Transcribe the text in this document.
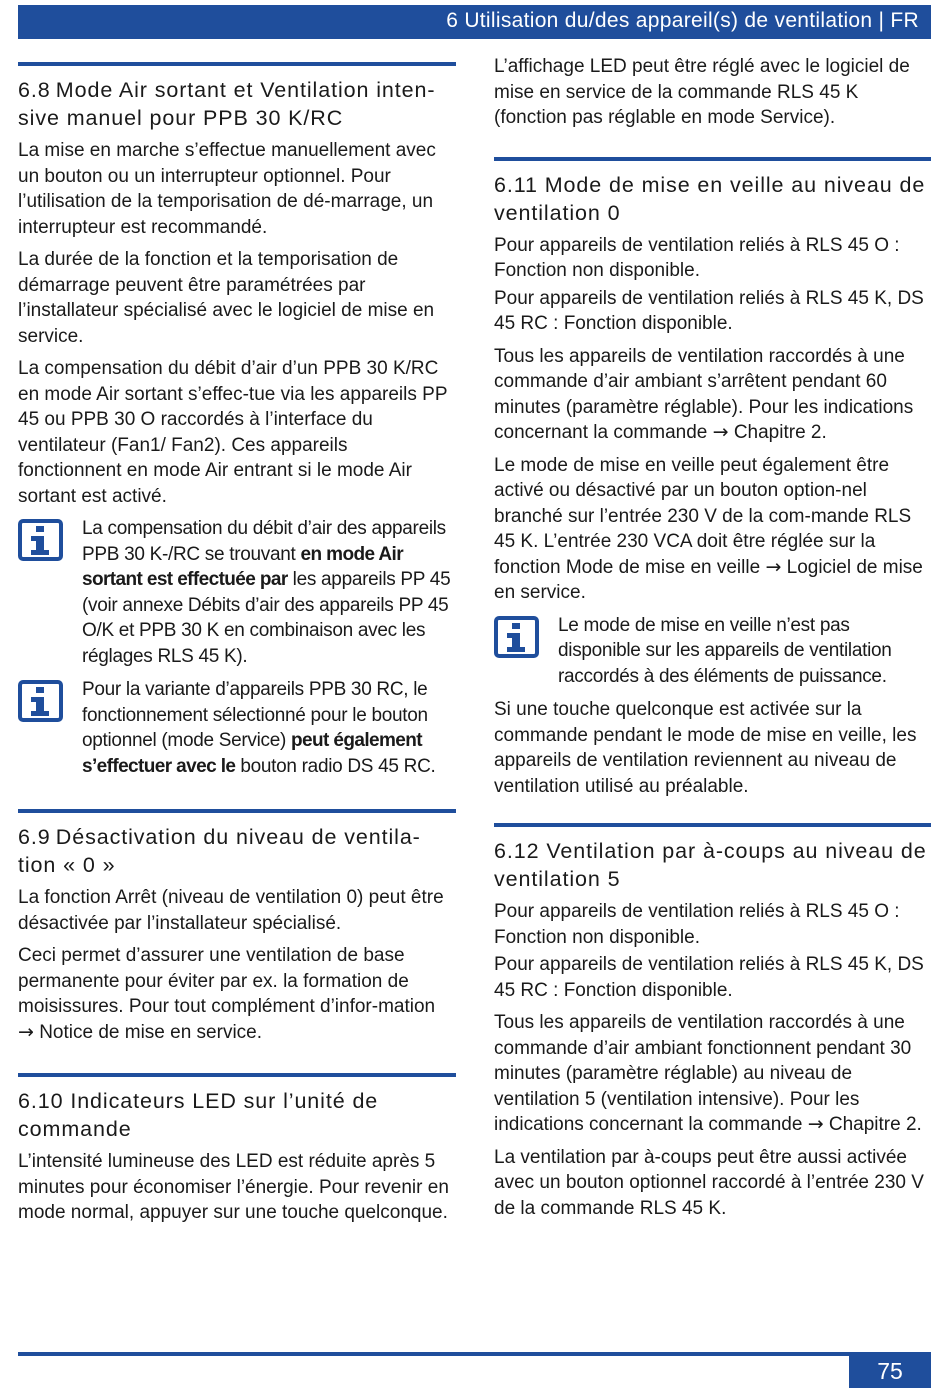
6 Utilisation du/des appareil(s) de ventilation | FR
6.8 Mode Air sortant et Ventilation inten-
sive manuel pour PPB 30 K/RC

La mise en marche s’effectue manuellement avec un bouton ou un interrupteur optionnel. Pour l’utilisation de la temporisation de dé-marrage, un interrupteur est recommandé.

La durée de la fonction et la temporisation de démarrage peuvent être paramétrées par l’installateur spécialisé avec le logiciel de mise en service.

La compensation du débit d’air d’un PPB 30 K/RC en mode Air sortant s’effec-tue via les appareils PP 45 ou PPB 30 O raccordés à l’interface du ventilateur (Fan1/ Fan2). Ces appareils fonctionnent en mode Air entrant si le mode Air sortant est activé.

La compensation du débit d’air des appareils PPB 30 K-/RC se trouvant en mode Air sortant est effectuée par les appareils PP 45 (voir annexe Débits d’air des appareils PP 45 O/K et PPB 30 K en combinaison avec les réglages RLS 45 K).

Pour la variante d’appareils PPB 30 RC, le fonctionnement sélectionné pour le bouton optionnel (mode Service) peut également s’effectuer avec le bouton radio DS 45 RC.

6.9 Désactivation du niveau de ventila-
tion « 0 »

La fonction Arrêt (niveau de ventilation 0) peut être désactivée par l’installateur spécialisé.

Ceci permet d’assurer une ventilation de base permanente pour éviter par ex. la formation de moisissures. Pour tout complément d’infor-mation → Notice de mise en service.

6.10 Indicateurs LED sur l’unité de commande

L’intensité lumineuse des LED est réduite après 5 minutes pour économiser l’énergie. Pour revenir en mode normal, appuyer sur une touche quelconque.

L’affichage LED peut être réglé avec le logiciel de mise en service de la commande RLS 45 K (fonction pas réglable en mode Service).

6.11 Mode de mise en veille au niveau de ventilation 0

Pour appareils de ventilation reliés à RLS 45 O : Fonction non disponible.

Pour appareils de ventilation reliés à RLS 45 K, DS 45 RC : Fonction disponible.

Tous les appareils de ventilation raccordés à une commande d’air ambiant s’arrêtent pendant 60 minutes (paramètre réglable). Pour les indications concernant la commande → Chapitre 2.

Le mode de mise en veille peut également être activé ou désactivé par un bouton option-nel branché sur l’entrée 230 V de la com-mande RLS 45 K. L’entrée 230 VCA doit être réglée sur la fonction Mode de mise en veille → Logiciel de mise en service.

Le mode de mise en veille n’est pas disponible sur les appareils de ventilation raccordés à des éléments de puissance.

Si une touche quelconque est activée sur la commande pendant le mode de mise en veille, les appareils de ventilation reviennent au niveau de ventilation utilisé au préalable.

6.12 Ventilation par à-coups au niveau de ventilation 5

Pour appareils de ventilation reliés à RLS 45 O : Fonction non disponible.

Pour appareils de ventilation reliés à RLS 45 K, DS 45 RC : Fonction disponible.

Tous les appareils de ventilation raccordés à une commande d’air ambiant fonctionnent pendant 30 minutes (paramètre réglable) au niveau de ventilation 5 (ventilation intensive). Pour les indications concernant la commande → Chapitre 2.

La ventilation par à-coups peut être aussi activée avec un bouton optionnel raccordé à l’entrée 230 V de la commande RLS 45 K.

75
